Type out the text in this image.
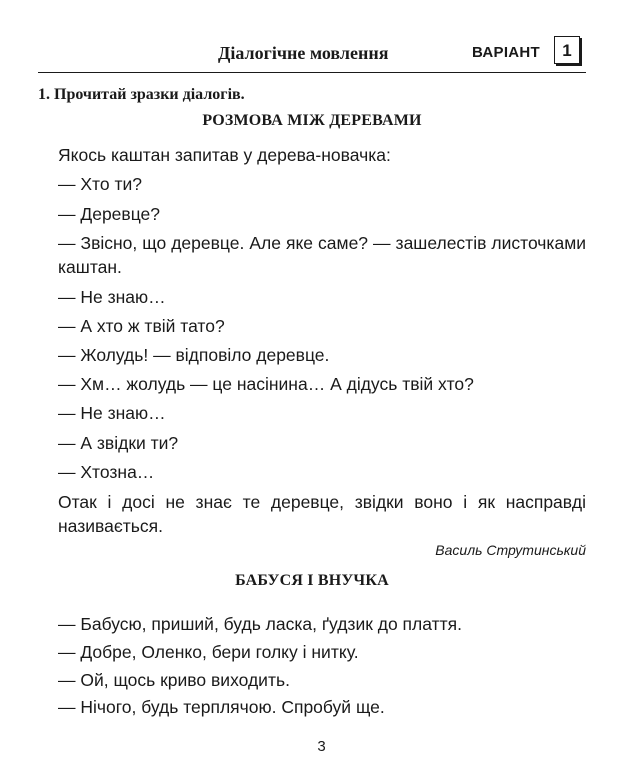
Діалогічне мовлення	ВАРІАНТ	1
1. Прочитай зразки діалогів.
РОЗМОВА МІЖ ДЕРЕВАМИ
Якось каштан запитав у дерева-новачка:
— Хто ти?
— Деревце?
— Звісно, що деревце. Але яке саме? — зашелестів листочками каштан.
— Не знаю…
— А хто ж твій тато?
— Жолудь! — відповіло деревце.
— Хм… жолудь — це насінина… А дідусь твій хто?
— Не знаю…
— А звідки ти?
— Хтозна…
Отак і досі не знає те деревце, звідки воно і як насправді називається.
Василь Струтинський
БАБУСЯ І ВНУЧКА
— Бабусю, приший, будь ласка, ґудзик до плаття.
— Добре, Оленко, бери голку і нитку.
— Ой, щось криво виходить.
— Нічого, будь терплячою. Спробуй ще.
3
